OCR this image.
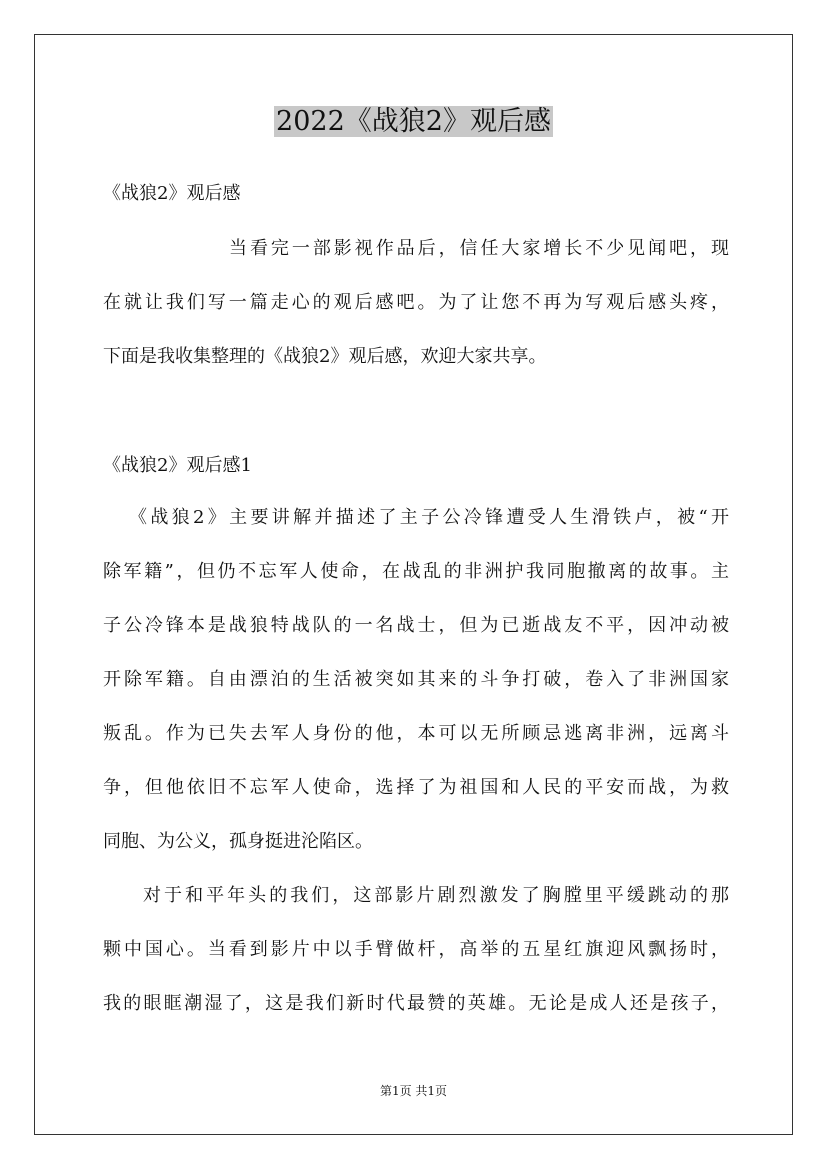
2022《战狼2》观后感
《战狼2》观后感
当看完一部影视作品后，信任大家增长不少见闻吧，现
在就让我们写一篇走心的观后感吧。为了让您不再为写观后感头疼，
下面是我收集整理的《战狼2》观后感，欢迎大家共享。
《战狼2》观后感1
《战狼2》主要讲解并描述了主子公冷锋遭受人生滑铁卢，被“开
除军籍”，但仍不忘军人使命，在战乱的非洲护我同胞撤离的故事。主
子公冷锋本是战狼特战队的一名战士，但为已逝战友不平，因冲动被
开除军籍。自由漂泊的生活被突如其来的斗争打破，卷入了非洲国家
叛乱。作为已失去军人身份的他，本可以无所顾忌逃离非洲，远离斗
争，但他依旧不忘军人使命，选择了为祖国和人民的平安而战，为救
同胞、为公义，孤身挺进沦陷区。
对于和平年头的我们，这部影片剧烈激发了胸膛里平缓跳动的那
颗中国心。当看到影片中以手臂做杆，高举的五星红旗迎风飘扬时，
我的眼眶潮湿了，这是我们新时代最赞的英雄。无论是成人还是孩子，
第1页 共1页
